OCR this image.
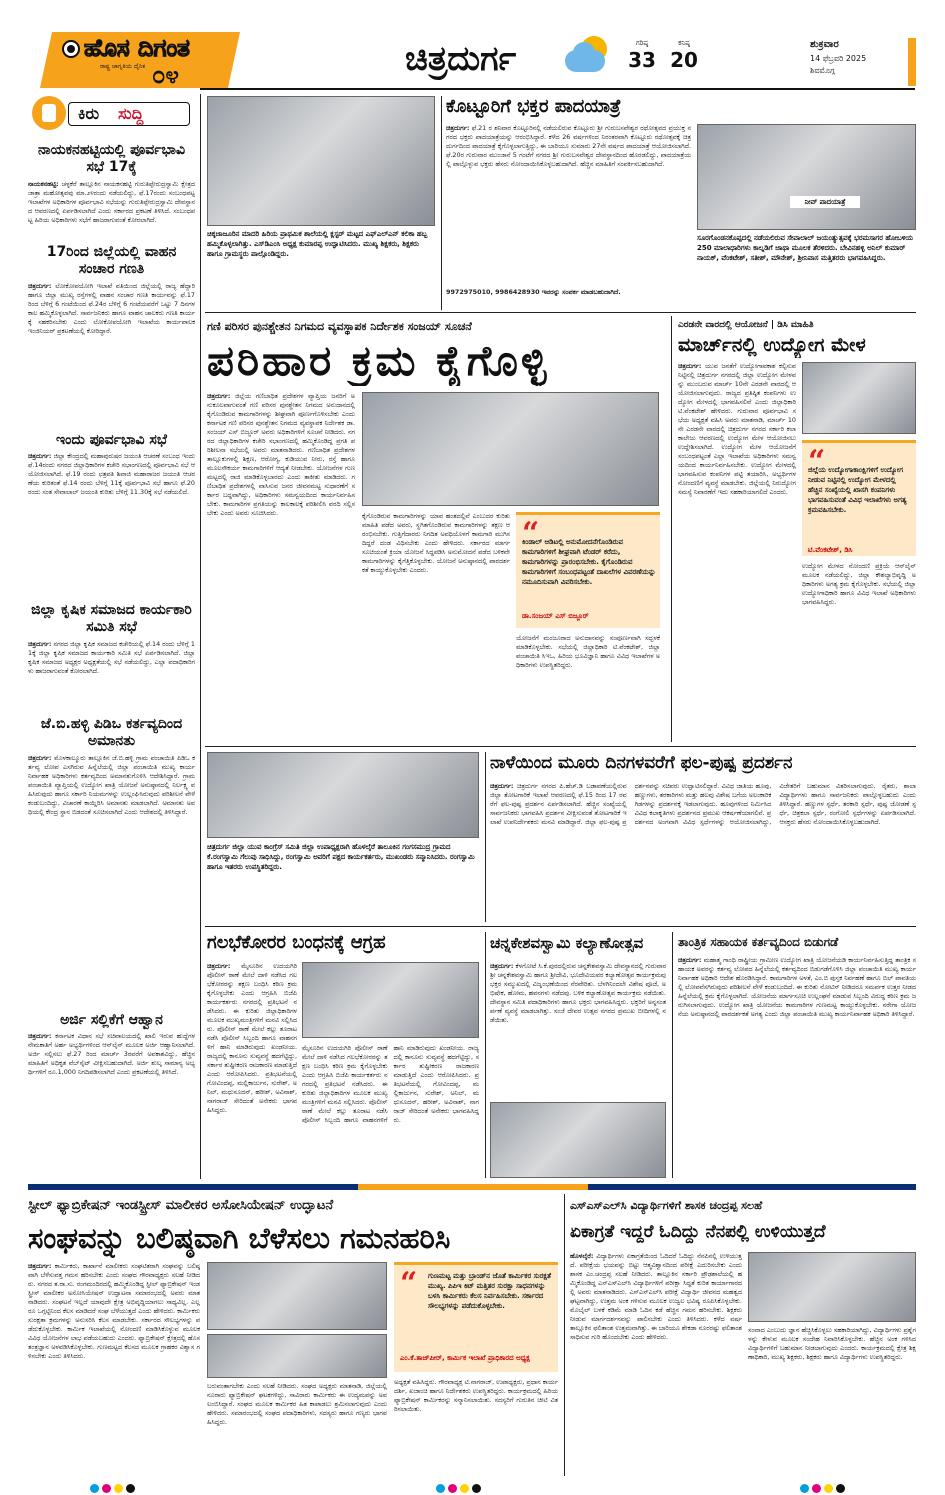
ಹೊಸ ದಿಗಂತ
ರಾಷ್ಟ್ರ ಜಾಗೃತಿಯ ದೈನಿಕ ೦೪	ಚಿತ್ರದುರ್ಗ	ಗರಿಷ್ಠ
33
ಕನಿಷ್ಠ
20
ಶುಕ್ರವಾರ
14 ಫೆಬ್ರವರಿ 2025
ಶಿವಮೊಗ್ಗ
ಕಿರು	ಸುದ್ದಿ
ನಾಯಕನಹಟ್ಟಿಯಲ್ಲಿ ಪೂರ್ವಭಾವಿ ಸಭೆ 17ಕ್ಕೆ
ನಾಯಕನಹಟ್ಟಿ: ಚಳ್ಳಕೆರೆ ತಾಲ್ಲೂಕಿನ ನಾಯಕನಹಟ್ಟಿ ಗುರುತಿಪ್ಪೇರುದ್ರಸ್ವಾಮಿ ಕ್ಷೇತ್ರದ ಜಾತ್ರಾ ಮಹೋತ್ಸವವು ಮಾ.೨೪ರಂದು ನಡೆಯಲಿದ್ದು, ಫೆ.17ರಂದು ಸಂಬಂಧಪಟ್ಟ ಇಲಾಖೆಗಳ ಅಧಿಕಾರಿಗಳ ಪೂರ್ವಭಾವಿ ಸಭೆಯನ್ನು ಗುರುತಿಪ್ಪೇರುದ್ರಸ್ವಾಮಿ ದೇವಸ್ಥಾನದ ಆವರಣದಲ್ಲಿ ಏರ್ಪಡಿಸಲಾಗಿದೆ ಎಂದು ಸರ್ಕಾರದ ಪ್ರಕಟಣೆ ತಿಳಿಸಿದೆ. ಸಂಬಂಧಪಟ್ಟ ಹಿರಿಯ ಅಧಿಕಾರಿಗಳು ಸಭೆಗೆ ಹಾಜರಾಗುವಂತೆ ಕೋರಲಾಗಿದೆ.
17ರಿಂದ ಜಿಲ್ಲೆಯಲ್ಲಿ ವಾಹನ ಸಂಚಾರ ಗಣತಿ
ಚಿತ್ರದುರ್ಗ: ಲೋಕೋಪಯೋಗಿ ಇಲಾಖೆ ವತಿಯಿಂದ ಜಿಲ್ಲೆಯಲ್ಲಿ ರಾಜ್ಯ ಹೆದ್ದಾರಿ ಹಾಗೂ ಜಿಲ್ಲಾ ಮುಖ್ಯ ರಸ್ತೆಗಳಲ್ಲಿ ವಾಹನ ಸಂಚಾರ ಗಣತಿ ಕಾರ್ಯವನ್ನು ಫೆ.17ರಿಂದ ಬೆಳಿಗ್ಗೆ 6 ಗಂಟೆಯಿಂದ ಫೆ.24ರ ಬೆಳಿಗ್ಗೆ 6 ಗಂಟೆಯವರೆಗೆ ಒಟ್ಟು 7 ದಿನಗಳ ಕಾಲ ಹಮ್ಮಿಕೊಳ್ಳಲಾಗಿದೆ. ಸಾರ್ವಜನಿಕರು ಹಾಗೂ ವಾಹನ ಚಾಲಕರು ಗಣತಿ ಕಾರ್ಯಕ್ಕೆ ಸಹಕರಿಸಬೇಕು ಎಂದು ಲೋಕೋಪಯೋಗಿ ಇಲಾಖೆಯ ಕಾರ್ಯಪಾಲಕ ಇಂಜಿನಿಯರ್ ಪ್ರಕಟಣೆಯಲ್ಲಿ ಕೋರಿದ್ದಾರೆ.
ಇಂದು ಪೂರ್ವಭಾವಿ ಸಭೆ
ಚಿತ್ರದುರ್ಗ: ಜಿಲ್ಲಾ ಕೇಂದ್ರದಲ್ಲಿ ಮಹಾಪುರುಷರ ಜಯಂತಿ ಆಚರಣೆ ಸಂಬಂಧ ಇಂದು ಫೆ.14ರಂದು ನಗರದ ಜಿಲ್ಲಾಧಿಕಾರಿಗಳ ಕಚೇರಿ ಸಭಾಂಗಣದಲ್ಲಿ ಪೂರ್ವಭಾವಿ ಸಭೆ ಆಯೋಜಿಸಲಾಗಿದೆ. ಫೆ.19 ರಂದು ಛತ್ರಪತಿ ಶಿವಾಜಿ ಮಹಾರಾಜರ ಜಯಂತಿ ಆಚರಣೆಯ ಕುರಿತಂತೆ ಫೆ.14 ರಂದು ಬೆಳಿಗ್ಗೆ 11ಕ್ಕೆ ಪೂರ್ವಭಾವಿ ಸಭೆ ಹಾಗೂ ಫೆ.20 ರಂದು ಸಂತ ಸೇವಾಲಾಲ್ ಜಯಂತಿ ಕುರಿತು ಬೆಳಿಗ್ಗೆ 11.30ಕ್ಕೆ ಸಭೆ ನಡೆಯಲಿದೆ.
ಜಿಲ್ಲಾ ಕೃಷಿಕ ಸಮಾಜದ ಕಾರ್ಯಕಾರಿ ಸಮಿತಿ ಸಭೆ
ಚಿತ್ರದುರ್ಗ: ನಗರದ ಜಿಲ್ಲಾ ಕೃಷಿಕ ಸಮಾಜದ ಕಚೇರಿಯಲ್ಲಿ ಫೆ.14 ರಂದು ಬೆಳಿಗ್ಗೆ 11ಕ್ಕೆ ಜಿಲ್ಲಾ ಕೃಷಿಕ ಸಮಾಜದ ಕಾರ್ಯಕಾರಿ ಸಮಿತಿ ಸಭೆ ಏರ್ಪಡಿಸಲಾಗಿದೆ. ಜಿಲ್ಲಾ ಕೃಷಿಕ ಸಮಾಜದ ಅಧ್ಯಕ್ಷರ ಅಧ್ಯಕ್ಷತೆಯಲ್ಲಿ ಸಭೆ ನಡೆಯಲಿದ್ದು, ಎಲ್ಲಾ ಪದಾಧಿಕಾರಿಗಳು ಹಾಜರಾಗುವಂತೆ ಕೋರಲಾಗಿದೆ.
ಜೆ.ಬಿ.ಹಳ್ಳಿ ಪಿಡಿಒ ಕರ್ತವ್ಯದಿಂದ ಅಮಾನತು
ಚಿತ್ರದುರ್ಗ: ಮೊಳಕಾಲ್ಮೂರು ತಾಲ್ಲೂಕಿನ ಜೆ.ಬಿ.ಹಳ್ಳಿ ಗ್ರಾಮ ಪಂಚಾಯಿತಿ ಪಿಡಿಒ ಕರ್ತವ್ಯ ಲೋಪ ಎಸಗಿರುವ ಹಿನ್ನೆಲೆಯಲ್ಲಿ ಜಿಲ್ಲಾ ಪಂಚಾಯಿತಿ ಮುಖ್ಯ ಕಾರ್ಯನಿರ್ವಾಹಕ ಅಧಿಕಾರಿಗಳು ಕರ್ತವ್ಯದಿಂದ ಅಮಾನತುಗೊಳಿಸಿ ಆದೇಶಿಸಿದ್ದಾರೆ. ಗ್ರಾಮ ಪಂಚಾಯಿತಿ ವ್ಯಾಪ್ತಿಯಲ್ಲಿ ಉದ್ಯೋಗ ಖಾತ್ರಿ ಯೋಜನೆ ಅನುಷ್ಠಾನದಲ್ಲಿ ನಿರ್ಲಕ್ಷ್ಯ ವಹಿಸಿರುವುದು ಹಾಗೂ ಸರ್ಕಾರಿ ನಿಯಮಗಳನ್ನು ಉಲ್ಲಂಘಿಸಿರುವುದು ಪರಿಶೀಲನೆ ವೇಳೆ ಕಂಡುಬಂದಿದ್ದು, ವಿಚಾರಣೆ ಕಾಯ್ದಿರಿಸಿ ಅಮಾನತು ಮಾಡಲಾಗಿದೆ. ಅಮಾನತು ಅವಧಿಯಲ್ಲಿ ಕೇಂದ್ರ ಸ್ಥಾನ ಬಿಡದಂತೆ ಸೂಚಿಸಲಾಗಿದೆ ಎಂದು ಆದೇಶದಲ್ಲಿ ತಿಳಿಸಿದ್ದಾರೆ.
ಅರ್ಜಿ ಸಲ್ಲಿಕೆಗೆ ಆಹ್ವಾನ
ಚಿತ್ರದುರ್ಗ: ಕರ್ನಾಟಕ ವಿಧಾನ ಸಭೆ ಸಚಿವಾಲಯದಲ್ಲಿ ಖಾಲಿ ಇರುವ ಹುದ್ದೆಗಳ ನೇಮಕಾತಿಗೆ ಅರ್ಹ ಅಭ್ಯರ್ಥಿಗಳಿಂದ ಆನ್‌ಲೈನ್ ಮೂಲಕ ಅರ್ಜಿ ಆಹ್ವಾನಿಸಲಾಗಿದೆ. ಅರ್ಜಿ ಸಲ್ಲಿಸಲು ಫೆ.27 ರಿಂದ ಮಾರ್ಚ್ 3ರವರೆಗೆ ಅವಕಾಶವಿದ್ದು, ಹೆಚ್ಚಿನ ಮಾಹಿತಿಗೆ ಅಧಿಕೃತ ವೆಬ್‌ಸೈಟ್ ವೀಕ್ಷಿಸಬಹುದಾಗಿದೆ. ಅರ್ಜಿ ಶುಲ್ಕ ಸಾಮಾನ್ಯ ಅಭ್ಯರ್ಥಿಗಳಿಗೆ ರೂ.1,000 ನಿಗದಿಪಡಿಸಲಾಗಿದೆ ಎಂದು ಪ್ರಕಟಣೆಯಲ್ಲಿ ತಿಳಿಸಿದೆ.
ಚಿಕ್ಕಜಾಜೂರಿನ ಮಾದರಿ ಹಿರಿಯ ಪ್ರಾಥಮಿಕ ಶಾಲೆಯಲ್ಲಿ ಕ್ಲಸ್ಟರ್ ಮಟ್ಟದ ಎಫ್‌ಎಲ್‌ಎನ್ ಕಲಿಕಾ ಹಬ್ಬ ಹಮ್ಮಿಕೊಳ್ಳಲಾಗಿತ್ತು. ಎಸ್‌ಡಿಎಂಸಿ ಅಧ್ಯಕ್ಷ ಕುಮಾರಪ್ಪ ಉದ್ಘಾಟಿಸಿದರು. ಮುಖ್ಯ ಶಿಕ್ಷಕರು, ಶಿಕ್ಷಕರು ಹಾಗೂ ಗ್ರಾಮಸ್ಥರು ಪಾಲ್ಗೊಂಡಿದ್ದರು.
ಕೊಟ್ಟೂರಿಗೆ ಭಕ್ತರ ಪಾದಯಾತ್ರೆ
ಚಿತ್ರದುರ್ಗ: ಫೆ.21 ರ ಶನಿವಾರ ಕೊಟ್ಟೂರಿನಲ್ಲಿ ನಡೆಯಲಿರುವ ಕೊಟ್ಟೂರು ಶ್ರೀ ಗುರುಬಸವೇಶ್ವರ ರಥೋತ್ಸವದ ಪ್ರಯುಕ್ತ ನಗರದ ಭಕ್ತರು ಪಾದಯಾತ್ರೆಯನ್ನು ಆರಂಭಿಸಿದ್ದಾರೆ. ಕಳೆದ 26 ವರ್ಷಗಳಿಂದ ನಿರಂತರವಾಗಿ ಕೊಟ್ಟೂರು ರಥೋತ್ಸವಕ್ಕೆ ಚಿತ್ರದುರ್ಗದಿಂದ ಪಾದಯಾತ್ರೆ ಕೈಗೊಳ್ಳಲಾಗುತ್ತಿದ್ದು, ಈ ಬಾರಿಯೂ ಸುಮಾರು 27ನೇ ವರ್ಷದ ಪಾದಯಾತ್ರೆ ಆಯೋಜಿಸಲಾಗಿದೆ. ಫೆ.20ರ ಗುರುವಾರ ಮುಂಜಾನೆ 5 ಗಂಟೆಗೆ ನಗರದ ಶ್ರೀ ಗುರುಬಸವೇಶ್ವರ ದೇವಸ್ಥಾನದಿಂದ ಹೊರಡಲಿದ್ದು, ಪಾದಯಾತ್ರೆಯಲ್ಲಿ ಪಾಲ್ಗೊಳ್ಳುವ ಭಕ್ತರು ಹೆಸರು ನೋಂದಾಯಿಸಿಕೊಳ್ಳಬಹುದಾಗಿದೆ. ಹೆಚ್ಚಿನ ಮಾಹಿತಿಗೆ ಸಂಪರ್ಕಿಸಬಹುದಾಗಿದೆ.
9972975010, 9986428930 ಇವರನ್ನು ಸಂಪರ್ಕ ಮಾಡಬಹುದಾಗಿದೆ.
ನೀವ್ ಪಾದಯಾತ್ರೆ
ಸೂರಗೊಂಡನಕೊಪ್ಪದಲ್ಲಿ ನಡೆಯಲಿರುವ ಸೇವಾಲಾಲ್ ಜಯಂತ್ಯುತ್ಸವಕ್ಕೆ ಭರಮಸಾಗರ ಹೋಬಳಿಯ 250 ಮಾಲಾಧಾರಿಗಳು ಕಾಲ್ನಡಿಗೆ ಜಾಥಾ ಮೂಲಕ ತೆರಳಿದರು. ಬೇವಿನಹಳ್ಳಿ ಅನಿಲ್ ಕುಮಾರ್ ನಾಯಕ್, ವೆಂಕಟೇಶ್, ಸತೀಶ್, ಮೌನೇಶ್, ಶ್ರೀನಿವಾಸ ಮತ್ತಿತರರು ಭಾಗವಹಿಸಿದ್ದರು.
ಗಣಿ ಪರಿಸರ ಪುನಶ್ಚೇತನ ನಿಗಮದ ವ್ಯವಸ್ಥಾಪಕ ನಿರ್ದೇಶಕ ಸಂಜಯ್ ಸೂಚನೆ
ಪರಿಹಾರ ಕ್ರಮ ಕೈಗೊಳ್ಳಿ
ಚಿತ್ರದುರ್ಗ: ಜಿಲ್ಲೆಯ ಗಣಿಬಾಧಿತ ಪ್ರದೇಶಗಳ ವ್ಯಾಪ್ತಿಯ ಜನರಿಗೆ ಅನುಕೂಲವಾಗುವಂತೆ ಗಣಿ ಪರಿಸರ ಪುನಶ್ಚೇತನ ನಿಗಮದ ಅನುದಾನದಲ್ಲಿ ಕೈಗೊಂಡಿರುವ ಕಾಮಗಾರಿಗಳನ್ನು ಶೀಘ್ರವಾಗಿ ಪೂರ್ಣಗೊಳಿಸಬೇಕು ಎಂದು ಕರ್ನಾಟಕ ಗಣಿ ಪರಿಸರ ಪುನಶ್ಚೇತನ ನಿಗಮದ ವ್ಯವಸ್ಥಾಪಕ ನಿರ್ದೇಶಕ ಡಾ.ಸಂಜಯ್ ಎಸ್ ಬಿಜ್ಜೂರ್ ಅವರು ಅಧಿಕಾರಿಗಳಿಗೆ ಸೂಚನೆ ನೀಡಿದರು. ನಗರದ ಜಿಲ್ಲಾಧಿಕಾರಿಗಳ ಕಚೇರಿ ಸಭಾಂಗಣದಲ್ಲಿ ಹಮ್ಮಿಕೊಂಡಿದ್ದ ಪ್ರಗತಿ ಪರಿಶೀಲನಾ ಸಭೆಯಲ್ಲಿ ಅವರು ಮಾತನಾಡಿದರು. ಗಣಿಬಾಧಿತ ಪ್ರದೇಶಗಳ ತಾಲ್ಲೂಕುಗಳಲ್ಲಿ ಶಿಕ್ಷಣ, ಆರೋಗ್ಯ, ಕುಡಿಯುವ ನೀರು, ರಸ್ತೆ ಹಾಗೂ ಮೂಲಸೌಕರ್ಯ ಕಾಮಗಾರಿಗಳಿಗೆ ಆದ್ಯತೆ ನೀಡಬೇಕು. ಯೋಜನೆಗಳ ಗುಣಮಟ್ಟದಲ್ಲಿ ರಾಜಿ ಮಾಡಿಕೊಳ್ಳಬಾರದು ಎಂದು ತಾಕೀತು ಮಾಡಿದರು. ಗಣಿಬಾಧಿತ ಪ್ರದೇಶಗಳಲ್ಲಿ ವಾಸಿಸುವ ಜನರ ಜೀವನಮಟ್ಟ ಸುಧಾರಣೆಗೆ ಸರ್ಕಾರ ಬದ್ಧವಾಗಿದ್ದು, ಅಧಿಕಾರಿಗಳು ಸಮನ್ವಯದಿಂದ ಕಾರ್ಯನಿರ್ವಹಿಸಬೇಕು. ಕಾಮಗಾರಿಗಳ ಪ್ರಗತಿಯನ್ನು ಕಾಲಕಾಲಕ್ಕೆ ಪರಿಶೀಲಿಸಿ ವರದಿ ಸಲ್ಲಿಸಬೇಕು ಎಂದು ಅವರು ಸೂಚಿಸಿದರು.	ಕೈಗೊಂಡಿರುವ ಕಾಮಗಾರಿಗಳನ್ನು ಯಾವ ಹಂತದಲ್ಲಿವೆ ಎಂಬುದರ ಕುರಿತು ಮಾಹಿತಿ ಪಡೆದ ಅವರು, ಸ್ಥಗಿತಗೊಂಡಿರುವ ಕಾಮಗಾರಿಗಳನ್ನು ತಕ್ಷಣ ಆರಂಭಿಸಬೇಕು. ಗುತ್ತಿಗೆದಾರರು ನಿಗದಿತ ಅವಧಿಯೊಳಗೆ ಕಾಮಗಾರಿ ಮುಗಿಸದಿದ್ದರೆ ದಂಡ ವಿಧಿಸಬೇಕು ಎಂದು ಹೇಳಿದರು. ಸರ್ಕಾರದ ಮಾರ್ಗಸೂಚಿಯಂತೆ ಕ್ರಿಯಾ ಯೋಜನೆ ಸಿದ್ಧಪಡಿಸಿ ಅನುಮೋದನೆ ಪಡೆದ ಬಳಿಕವೇ ಕಾಮಗಾರಿಗಳನ್ನು ಕೈಗೆತ್ತಿಕೊಳ್ಳಬೇಕು. ಯೋಜನೆ ಅನುಷ್ಠಾನದಲ್ಲಿ ಪಾರದರ್ಶಕತೆ ಕಾಯ್ದುಕೊಳ್ಳಬೇಕು ಎಂದರು.
“
ಕಿಂಡಾಲ್ ಆಡಿಟಲ್ಲಿ ಅನುಮೋದನೆಗೊಂಡಿರುವ ಕಾಮಗಾರಿಗಳಿಗೆ ಶೀಘ್ರವಾಗಿ ಟೆಂಡರ್ ಕರೆದು, ಕಾಮಗಾರಿಗಳನ್ನು ಪ್ರಾರಂಭಿಸಬೇಕು. ಕೈಗೊಂಡಿರುವ ಕಾಮಗಾರಿಗಳಿಗೆ ಸಂಬಂಧಪಟ್ಟಂತೆ ದಾಖಲೆಗಳ ವಿವರಣೆಯನ್ನು ನಮೂದಿಸುವಾಗಿ ವಿವರಿಸಬೇಕು.
ಡಾ.ಸಂಜಯ್ ಎಸ್ ಬಿಜ್ಜೂರ್
ಯೋಜನೆಗೆ ಮಂಜೂರಾದ ಅನುದಾನವನ್ನು ಸಂಪೂರ್ಣವಾಗಿ ಸದ್ಬಳಕೆ ಮಾಡಿಕೊಳ್ಳಬೇಕು. ಸಭೆಯಲ್ಲಿ ಜಿಲ್ಲಾಧಿಕಾರಿ ಟಿ.ವೆಂಕಟೇಶ್, ಜಿಲ್ಲಾ ಪಂಚಾಯಿತಿ ಸಿಇಒ, ಹಿರಿಯ ಭೂವಿಜ್ಞಾನಿ ಹಾಗೂ ವಿವಿಧ ಇಲಾಖೆಗಳ ಅಧಿಕಾರಿಗಳು ಉಪಸ್ಥಿತರಿದ್ದರು.
ಎರಡನೇ ವಾರದಲ್ಲಿ ಆಯೋಜನೆ | ಡಿಸಿ ಮಾಹಿತಿ
ಮಾರ್ಚ್‌ನಲ್ಲಿ ಉದ್ಯೋಗ ಮೇಳ
ಚಿತ್ರದುರ್ಗ: ಯುವ ಜನತೆಗೆ ಉದ್ಯೋಗಾವಕಾಶ ಕಲ್ಪಿಸುವ ನಿಟ್ಟಿನಲ್ಲಿ ಚಿತ್ರದುರ್ಗ ನಗರದಲ್ಲಿ ಜಿಲ್ಲಾ ಉದ್ಯೋಗ ಮೇಳವನ್ನು ಮುಂಬರುವ ಮಾರ್ಚ್ 10ನೇ ಎರಡನೇ ವಾರದಲ್ಲಿ ಆಯೋಜಿಸಲಾಗುವುದು. ರಾಜ್ಯದ ಪ್ರತಿಷ್ಠಿತ ಕಂಪನಿಗಳು ಉದ್ಯೋಗ ಮೇಳದಲ್ಲಿ ಭಾಗವಹಿಸಲಿವೆ ಎಂದು ಜಿಲ್ಲಾಧಿಕಾರಿ ಟಿ.ವೆಂಕಟೇಶ್ ಹೇಳಿದರು. ಗುರುವಾರ ಪೂರ್ವಭಾವಿ ಸಭೆಯ ಅಧ್ಯಕ್ಷತೆ ವಹಿಸಿ ಅವರು ಮಾತನಾಡಿ, ಮಾರ್ಚ್ 10ನೇ ಎರಡನೇ ವಾರದಲ್ಲಿ ಚಿತ್ರದುರ್ಗ ನಗರದ ಸರ್ಕಾರಿ ಕಲಾ ಕಾಲೇಜು ಆವರಣದಲ್ಲಿ ಉದ್ಯೋಗ ಮೇಳ ಆಯೋಜಿಸಲು ಉದ್ದೇಶಿಸಲಾಗಿದೆ. ಉದ್ಯೋಗ ಮೇಳ ಆಯೋಜನೆಗೆ ಸಂಬಂಧಪಟ್ಟಂತೆ ಎಲ್ಲಾ ಇಲಾಖೆಯ ಅಧಿಕಾರಿಗಳು ಸಮನ್ವಯದಿಂದ ಕಾರ್ಯನಿರ್ವಹಿಸಬೇಕು. ಉದ್ಯೋಗ ಮೇಳದಲ್ಲಿ ಭಾಗವಹಿಸುವ ಕಂಪನಿಗಳ ಪಟ್ಟಿ ತಯಾರಿಸಿ, ಅಭ್ಯರ್ಥಿಗಳ ನೋಂದಣಿಗೆ ವ್ಯವಸ್ಥೆ ಮಾಡಬೇಕು. ಜಿಲ್ಲೆಯಲ್ಲಿ ನಿರುದ್ಯೋಗ ಸಮಸ್ಯೆ ನಿವಾರಣೆಗೆ ಇದು ಸಹಕಾರಿಯಾಗಲಿದೆ ಎಂದರು.
“
ಜಿಲ್ಲೆಯ ಉದ್ಯೋಗಾಕಾಂಕ್ಷಿಗಳಿಗೆ ಉದ್ಯೋಗ ನೀಡುವ ನಿಟ್ಟಿನಲ್ಲಿ ಉದ್ಯೋಗ ಮೇಳದಲ್ಲಿ ಹೆಚ್ಚಿನ ಸಂಖ್ಯೆಯಲ್ಲಿ ಖಾಸಗಿ ಕಂಪನಿಗಳು ಭಾಗವಹಿಸುವಂತೆ ವಿವಿಧ ಇಲಾಖೆಗಳು ಅಗತ್ಯ ಕ್ರಮವಹಿಸಬೇಕು.
ಟಿ.ವೆಂಕಟೇಶ್, ಡಿಸಿ
ಉದ್ಯೋಗ ಮೇಳದ ನೋಂದಣಿ ಪ್ರಕ್ರಿಯೆ ಆನ್‌ಲೈನ್ ಮೂಲಕ ನಡೆಯಲಿದ್ದು, ಜಿಲ್ಲಾ ಕೌಶಲ್ಯಾಭಿವೃದ್ಧಿ ಅಧಿಕಾರಿಗಳು ಅಗತ್ಯ ಕ್ರಮ ಕೈಗೊಳ್ಳಬೇಕು. ಸಭೆಯಲ್ಲಿ ಜಿಲ್ಲಾ ಉದ್ಯೋಗಾಧಿಕಾರಿ ಹಾಗೂ ವಿವಿಧ ಇಲಾಖೆ ಅಧಿಕಾರಿಗಳು ಭಾಗವಹಿಸಿದ್ದರು.
ಚಿತ್ರದುರ್ಗ ಜಿಲ್ಲಾ ಯುವ ಕಾಂಗ್ರೆಸ್ ಸಮಿತಿ ಜಿಲ್ಲಾ ಉಪಾಧ್ಯಕ್ಷರಾಗಿ ಹೊಳಲ್ಕೆರೆ ತಾಲೂಕಿನ ಗಂಗಸಮುದ್ರ ಗ್ರಾಮದ ಕೆ.ರಂಗಸ್ವಾಮಿ ಗೆಲುವು ಸಾಧಿಸಿದ್ದು, ರಂಗಸ್ವಾಮಿ ಅವರಿಗೆ ಪಕ್ಷದ ಕಾರ್ಯಕರ್ತರು, ಮುಖಂಡರು ಸನ್ಮಾನಿಸಿದರು. ರಂಗಸ್ವಾಮಿ ಹಾಗೂ ಇತರರು ಉಪಸ್ಥಿತರಿದ್ದರು.
ನಾಳೆಯಿಂದ ಮೂರು ದಿನಗಳವರೆಗೆ ಫಲ-ಪುಷ್ಪ ಪ್ರದರ್ಶನ
ಚಿತ್ರದುರ್ಗ: ಚಿತ್ರದುರ್ಗ ನಗರದ ಪಿ.ಹೆಚ್.ಡಿ ಬಡಾವಣೆಯಲ್ಲಿರುವ ಜಿಲ್ಲಾ ತೋಟಗಾರಿಕೆ ಇಲಾಖೆ ಆವರಣದಲ್ಲಿ ಫೆ.15 ರಿಂದ 17 ರವರೆಗೆ ಫಲ-ಪುಷ್ಪ ಪ್ರದರ್ಶನ ಏರ್ಪಡಿಸಲಾಗಿದೆ. ಹೆಚ್ಚಿನ ಸಂಖ್ಯೆಯಲ್ಲಿ ಸಾರ್ವಜನಿಕರು ಭಾಗವಹಿಸಿ ಪ್ರದರ್ಶನ ವೀಕ್ಷಿಸುವಂತೆ ತೋಟಗಾರಿಕೆ ಇಲಾಖೆ ಉಪನಿರ್ದೇಶಕರು ಮನವಿ ಮಾಡಿದ್ದಾರೆ. ಜಿಲ್ಲಾ ಫಲ-ಪುಷ್ಪ ಪ್ರದರ್ಶನವನ್ನು ಸಚಿವರು ಉದ್ಘಾಟಿಸಲಿದ್ದಾರೆ. ವಿವಿಧ ಜಾತಿಯ ಹೂವು, ಹಣ್ಣುಗಳು, ತರಕಾರಿಗಳು ಮತ್ತು ಹಲವು ವಿಶೇಷ ಬಗೆಯ ಅಲಂಕಾರಿಕ ಗಿಡಗಳನ್ನು ಪ್ರದರ್ಶನಕ್ಕೆ ಇಡಲಾಗುವುದು. ಹೂವುಗಳಿಂದ ನಿರ್ಮಿಸಿದ ವಿವಿಧ ಕಲಾಕೃತಿಗಳು ಪ್ರದರ್ಶನದ ಪ್ರಮುಖ ಆಕರ್ಷಣೆಯಾಗಲಿವೆ. ಪ್ರದರ್ಶನದ ಅಂಗವಾಗಿ ವಿವಿಧ ಸ್ಪರ್ಧೆಗಳನ್ನು ಆಯೋಜಿಸಲಾಗಿದ್ದು, ವಿಜೇತರಿಗೆ ಬಹುಮಾನ ವಿತರಿಸಲಾಗುವುದು. ರೈತರು, ಶಾಲಾ ವಿದ್ಯಾರ್ಥಿಗಳು ಹಾಗೂ ಸಾರ್ವಜನಿಕರು ಪಾಲ್ಗೊಳ್ಳಬಹುದು ಎಂದು ತಿಳಿಸಿದ್ದಾರೆ. ಹಣ್ಣುಗಳ ಸ್ಪರ್ಧೆ, ತರಕಾರಿ ಸ್ಪರ್ಧೆ, ಪುಷ್ಪ ಜೋಡಣೆ ಸ್ಪರ್ಧೆ, ಚಿತ್ರಕಲಾ ಸ್ಪರ್ಧೆ, ರಂಗೋಲಿ ಸ್ಪರ್ಧೆಗಳನ್ನು ಏರ್ಪಡಿಸಲಾಗಿದೆ. ಆಸಕ್ತರು ಹೆಸರು ನೋಂದಾಯಿಸಿಕೊಳ್ಳಬಹುದಾಗಿದೆ.
ಗಲಭೆಕೋರರ ಬಂಧನಕ್ಕೆ ಆಗ್ರಹ
ಚಿತ್ರದುರ್ಗ: ಮೈಸೂರಿನ ಉದಯಗಿರಿ ಪೊಲೀಸ್ ಠಾಣೆ ಮೇಲೆ ದಾಳಿ ನಡೆಸಿದ ಗಲಭೆಕೋರರನ್ನು ತಕ್ಷಣ ಬಂಧಿಸಿ ಕಠಿಣ ಕ್ರಮ ಕೈಗೊಳ್ಳಬೇಕು ಎಂದು ಆಗ್ರಹಿಸಿ ಬಿಜೆಪಿ ಕಾರ್ಯಕರ್ತರು ನಗರದಲ್ಲಿ ಪ್ರತಿಭಟನೆ ನಡೆಸಿದರು. ಈ ಕುರಿತು ಜಿಲ್ಲಾಧಿಕಾರಿಗಳ ಮೂಲಕ ಮುಖ್ಯಮಂತ್ರಿಗಳಿಗೆ ಮನವಿ ಸಲ್ಲಿಸಿದರು. ಪೊಲೀಸ್ ಠಾಣೆ ಮೇಲೆ ಕಲ್ಲು ತೂರಾಟ ನಡೆಸಿ ಪೊಲೀಸ್ ಸಿಬ್ಬಂದಿ ಹಾಗೂ ವಾಹನಗಳಿಗೆ ಹಾನಿ ಮಾಡಿರುವುದು ಖಂಡನೀಯ. ರಾಜ್ಯದಲ್ಲಿ ಕಾನೂನು ಸುವ್ಯವಸ್ಥೆ ಹದಗೆಟ್ಟಿದ್ದು, ಸರ್ಕಾರ ತುಷ್ಟೀಕರಣ ರಾಜಕಾರಣ ಮಾಡುತ್ತಿದೆ ಎಂದು ಆರೋಪಿಸಿದರು. ಪ್ರತಿಭಟನೆಯಲ್ಲಿ ಗೋವಿಂದಪ್ಪ, ಮಲ್ಲಿಕಾರ್ಜುನ, ಸುರೇಶ್, ಅನಿಲ್, ಮಧುಸೂದನ್, ಹರೀಶ್, ಅವಿನಾಶ್, ನಾಗರಾಜ್ ಸೇರಿದಂತೆ ಅನೇಕರು ಭಾಗವಹಿಸಿದ್ದರು.
ಮೈಸೂರಿನ ಉದಯಗಿರಿ ಪೊಲೀಸ್ ಠಾಣೆ ಮೇಲೆ ದಾಳಿ ನಡೆಸಿದ ಗಲಭೆಕೋರರನ್ನು ತಕ್ಷಣ ಬಂಧಿಸಿ ಕಠಿಣ ಕ್ರಮ ಕೈಗೊಳ್ಳಬೇಕು ಎಂದು ಆಗ್ರಹಿಸಿ ಬಿಜೆಪಿ ಕಾರ್ಯಕರ್ತರು ನಗರದಲ್ಲಿ ಪ್ರತಿಭಟನೆ ನಡೆಸಿದರು. ಈ ಕುರಿತು ಜಿಲ್ಲಾಧಿಕಾರಿಗಳ ಮೂಲಕ ಮುಖ್ಯಮಂತ್ರಿಗಳಿಗೆ ಮನವಿ ಸಲ್ಲಿಸಿದರು. ಪೊಲೀಸ್ ಠಾಣೆ ಮೇಲೆ ಕಲ್ಲು ತೂರಾಟ ನಡೆಸಿ ಪೊಲೀಸ್ ಸಿಬ್ಬಂದಿ ಹಾಗೂ ವಾಹನಗಳಿಗೆ ಹಾನಿ ಮಾಡಿರುವುದು ಖಂಡನೀಯ. ರಾಜ್ಯದಲ್ಲಿ ಕಾನೂನು ಸುವ್ಯವಸ್ಥೆ ಹದಗೆಟ್ಟಿದ್ದು, ಸರ್ಕಾರ ತುಷ್ಟೀಕರಣ ರಾಜಕಾರಣ ಮಾಡುತ್ತಿದೆ ಎಂದು ಆರೋಪಿಸಿದರು. ಪ್ರತಿಭಟನೆಯಲ್ಲಿ ಗೋವಿಂದಪ್ಪ, ಮಲ್ಲಿಕಾರ್ಜುನ, ಸುರೇಶ್, ಅನಿಲ್, ಮಧುಸೂದನ್, ಹರೀಶ್, ಅವಿನಾಶ್, ನಾಗರಾಜ್ ಸೇರಿದಂತೆ ಅನೇಕರು ಭಾಗವಹಿಸಿದ್ದರು.
ಚನ್ನಕೇಶವಸ್ವಾಮಿ ಕಲ್ಯಾಣೋತ್ಸವ
ಚಿತ್ರದುರ್ಗ: ಕೆಳಗೋಟೆ ಸಿ.ಕೆ.ಪುರದಲ್ಲಿರುವ ಚನ್ನಕೇಶವಸ್ವಾಮಿ ದೇವಸ್ಥಾನದಲ್ಲಿ ಗುರುವಾರ ಶ್ರೀ ಚನ್ನಕೇಶವಸ್ವಾಮಿ ಹಾಗೂ ಶ್ರೀದೇವಿ, ಭೂದೇವಿಯವರ ಕಲ್ಯಾಣೋತ್ಸವ ಕಾರ್ಯಕ್ರಮವು ಭಕ್ತರ ಸಮ್ಮುಖದಲ್ಲಿ ವಿಜೃಂಭಣೆಯಿಂದ ನೆರವೇರಿತು. ಬೆಳಗಿನಿಂದಲೇ ವಿಶೇಷ ಪೂಜೆ, ಅಭಿಷೇಕ, ಹೋಮ, ಹವನಗಳು ನಡೆದವು. ಬಳಿಕ ಕಲ್ಯಾಣೋತ್ಸವ ಕಾರ್ಯಕ್ರಮ ನಡೆಯಿತು. ದೇವಸ್ಥಾನ ಸಮಿತಿ ಪದಾಧಿಕಾರಿಗಳು ಹಾಗೂ ಭಕ್ತರು ಭಾಗವಹಿಸಿದ್ದರು. ಭಕ್ತರಿಗೆ ಅನ್ನಸಂತರ್ಪಣೆ ವ್ಯವಸ್ಥೆ ಮಾಡಲಾಗಿತ್ತು. ಸಂಜೆ ದೇವರ ಉತ್ಸವ ನಗರದ ಪ್ರಮುಖ ಬೀದಿಗಳಲ್ಲಿ ನಡೆಯಿತು.
ತಾಂತ್ರಿಕ ಸಹಾಯಕ ಕರ್ತವ್ಯದಿಂದ ಬಿಡುಗಡೆ
ಚಿತ್ರದುರ್ಗ: ಮಹಾತ್ಮ ಗಾಂಧಿ ರಾಷ್ಟ್ರೀಯ ಗ್ರಾಮೀಣ ಉದ್ಯೋಗ ಖಾತ್ರಿ ಯೋಜನೆಯಡಿ ಕಾರ್ಯನಿರ್ವಹಿಸುತ್ತಿದ್ದ ತಾಂತ್ರಿಕ ಸಹಾಯಕ ಅವರನ್ನು ಕರ್ತವ್ಯ ಲೋಪದ ಹಿನ್ನೆಲೆಯಲ್ಲಿ ಕರ್ತವ್ಯದಿಂದ ಬಿಡುಗಡೆಗೊಳಿಸಿ ಜಿಲ್ಲಾ ಪಂಚಾಯಿತಿ ಮುಖ್ಯ ಕಾರ್ಯನಿರ್ವಾಹಕ ಅಧಿಕಾರಿ ಆದೇಶ ಹೊರಡಿಸಿದ್ದಾರೆ. ಕಾಮಗಾರಿಗಳ ಅಳತೆ, ಎಂ.ಬಿ ಪುಸ್ತಕ ನಿರ್ವಹಣೆ ಹಾಗೂ ಬಿಲ್ ಪಾವತಿಯಲ್ಲಿ ಲೋಪವೆಸಗಿರುವುದು ಪರಿಶೀಲನೆ ವೇಳೆ ಕಂಡುಬಂದಿದೆ. ಈ ಕುರಿತು ನೋಟಿಸ್ ನೀಡಿದರೂ ಸಮರ್ಪಕ ಉತ್ತರ ನೀಡದ ಹಿನ್ನೆಲೆಯಲ್ಲಿ ಕ್ರಮ ಕೈಗೊಳ್ಳಲಾಗಿದೆ. ಯೋಜನೆಯ ಮಾರ್ಗಸೂಚಿ ಉಲ್ಲಂಘನೆ ಮಾಡುವ ಸಿಬ್ಬಂದಿ ವಿರುದ್ಧ ಕಠಿಣ ಕ್ರಮ ಜರುಗಿಸಲಾಗುವುದು. ಉದ್ಯೋಗ ಖಾತ್ರಿ ಯೋಜನೆಯ ಕಾಮಗಾರಿಗಳ ಗುಣಮಟ್ಟ ಕಾಯ್ದುಕೊಳ್ಳಬೇಕು. ನರೇಗಾ ಯೋಜನೆಯ ಅನುಷ್ಠಾನದಲ್ಲಿ ಪಾರದರ್ಶಕತೆ ಅಗತ್ಯ ಎಂದು ಜಿಲ್ಲಾ ಪಂಚಾಯಿತಿ ಮುಖ್ಯ ಕಾರ್ಯನಿರ್ವಾಹಕ ಅಧಿಕಾರಿ ತಿಳಿಸಿದ್ದಾರೆ.
ಸ್ಟೀಲ್ ಫ್ಯಾಬ್ರಿಕೇಷನ್ ಇಂಡಸ್ಟ್ರೀಸ್ ಮಾಲೀಕರ ಅಸೋಸಿಯೇಷನ್ ಉದ್ಘಾಟನೆ
ಸಂಘವನ್ನು ಬಲಿಷ್ಠವಾಗಿ ಬೆಳೆಸಲು ಗಮನಹರಿಸಿ
ಚಿತ್ರದುರ್ಗ: ಕಾರ್ಮಿಕರು, ಕಾರ್ಖಾನೆ ಮಾಲೀಕರು ಸಂಘಟಿತರಾಗಿ ಸಂಘವನ್ನು ಬಲಿಷ್ಠವಾಗಿ ಬೆಳೆಸುವತ್ತ ಗಮನ ಹರಿಸಬೇಕು ಎಂದು ಸಂಘದ ಗೌರವಾಧ್ಯಕ್ಷರು ಸಲಹೆ ನೀಡಿದರು. ನಗರದ ತ.ರಾ.ಸು. ರಂಗಮಂದಿರದಲ್ಲಿ ಹಮ್ಮಿಕೊಂಡಿದ್ದ ಸ್ಟೀಲ್ ಫ್ಯಾಬ್ರಿಕೇಷನ್ ಇಂಡಸ್ಟ್ರೀಸ್ ಮಾಲೀಕರ ಅಸೋಸಿಯೇಷನ್ ಉದ್ಘಾಟನಾ ಸಮಾರಂಭದಲ್ಲಿ ಅವರು ಮಾತನಾಡಿದರು. ಸಂಘಟನೆ ಇಲ್ಲದೆ ಯಾವುದೇ ಕ್ಷೇತ್ರ ಅಭಿವೃದ್ಧಿಯಾಗಲು ಸಾಧ್ಯವಿಲ್ಲ. ಎಲ್ಲರೂ ಒಗ್ಗಟ್ಟಿನಿಂದ ಕೆಲಸ ಮಾಡಿದರೆ ಸಂಘ ಬೆಳೆಯುತ್ತದೆ ಎಂದು ಹೇಳಿದರು. ಕಾರ್ಮಿಕರು ಸುರಕ್ಷತಾ ಕ್ರಮಗಳನ್ನು ಅನುಸರಿಸಿ ಕೆಲಸ ಮಾಡಬೇಕು. ಸರ್ಕಾರದ ಸೌಲಭ್ಯಗಳನ್ನು ಪಡೆದುಕೊಳ್ಳಬೇಕು. ಕಾರ್ಮಿಕ ಇಲಾಖೆಯಲ್ಲಿ ನೋಂದಣಿ ಮಾಡಿಸಿಕೊಳ್ಳುವ ಮೂಲಕ ವಿವಿಧ ಯೋಜನೆಗಳ ಲಾಭ ಪಡೆಯಬಹುದು ಎಂದರು. ಫ್ಯಾಬ್ರಿಕೇಷನ್ ಕ್ಷೇತ್ರದಲ್ಲಿ ಹೊಸ ತಂತ್ರಜ್ಞಾನ ಅಳವಡಿಸಿಕೊಳ್ಳಬೇಕು. ಗುಣಮಟ್ಟದ ಕೆಲಸದ ಮೂಲಕ ಗ್ರಾಹಕರ ವಿಶ್ವಾಸ ಗಳಿಸಬೇಕು ಎಂದು ತಿಳಿಸಿದರು.
ಬರುವಂತಾಗಬೇಕು ಎಂದು ಸಲಹೆ ನೀಡಿದರು. ಸಂಘದ ಅಧ್ಯಕ್ಷರು ಮಾತನಾಡಿ, ಜಿಲ್ಲೆಯಲ್ಲಿ ನೂರಾರು ಫ್ಯಾಬ್ರಿಕೇಷನ್ ಘಟಕಗಳಿದ್ದು, ಸಾವಿರಾರು ಕಾರ್ಮಿಕರು ಈ ಉದ್ಯಮವನ್ನು ಅವಲಂಬಿಸಿದ್ದಾರೆ. ಸಂಘದ ಮೂಲಕ ಕಾರ್ಮಿಕರ ಹಿತ ಕಾಪಾಡಲು ಶ್ರಮಿಸಲಾಗುವುದು ಎಂದು ಹೇಳಿದರು. ಸಮಾರಂಭದಲ್ಲಿ ಸಂಘದ ಪದಾಧಿಕಾರಿಗಳು, ಸದಸ್ಯರು ಹಾಗೂ ಗಣ್ಯರು ಭಾಗವಹಿಸಿದ್ದರು.
“ ಗುಣಮಟ್ಟ ಮತ್ತು ಬ್ರಾಂಡ್‌ನ ಜೊತೆ ಕಾರ್ಮಿಕರ ಸುರಕ್ಷತೆ ಮುಖ್ಯ. ಪಿಪಿಇ ಕಿಟ್ ಮತ್ತಿತರ ಸುರಕ್ಷಾ ಸಾಧನಗಳನ್ನು ಬಳಸಿ ಕಾರ್ಮಿಕರು ಕೆಲಸ ನಿರ್ವಹಿಸಬೇಕು. ಸರ್ಕಾರದ ಸೌಲಭ್ಯಗಳನ್ನು ಪಡೆದುಕೊಳ್ಳಬೇಕು.
ಎಂ.ಕೆ.ತಾಜ್‌ಪೀರ್, ಕಾರ್ಮಿಕ ಇಲಾಖೆ ಪ್ರಾಧಿಕಾರದ ಅಧ್ಯಕ್ಷ
ಅಧ್ಯಕ್ಷತೆ ವಹಿಸಿದ್ದರು. ಗೌರವಾಧ್ಯಕ್ಷ ಟಿ.ನಾಗರಾಜ್, ಉಪಾಧ್ಯಕ್ಷರು, ಪ್ರಧಾನ ಕಾರ್ಯದರ್ಶಿ, ಖಜಾಂಚಿ ಹಾಗೂ ನಿರ್ದೇಶಕರು ಉಪಸ್ಥಿತರಿದ್ದರು. ಕಾರ್ಯಕ್ರಮದಲ್ಲಿ ಹಿರಿಯ ಫ್ಯಾಬ್ರಿಕೇಷನ್ ಕಾರ್ಮಿಕರನ್ನು ಸನ್ಮಾನಿಸಲಾಯಿತು. ಸದಸ್ಯರಿಗೆ ಗುರುತಿನ ಚೀಟಿ ವಿತರಿಸಲಾಯಿತು.
ಎಸ್‌ಎಸ್‌ಎಲ್‌ಸಿ ವಿದ್ಯಾರ್ಥಿಗಳಿಗೆ ಶಾಸಕ ಚಂದ್ರಪ್ಪ ಸಲಹೆ
ಏಕಾಗ್ರತೆ ಇದ್ದರೆ ಓದಿದ್ದು ನೆನಪಲ್ಲಿ ಉಳಿಯುತ್ತದೆ
ಹೊಳಲ್ಕೆರೆ: ವಿದ್ಯಾರ್ಥಿಗಳು ಏಕಾಗ್ರತೆಯಿಂದ ಓದಿದರೆ ಓದಿದ್ದು ನೆನಪಿನಲ್ಲಿ ಉಳಿಯುತ್ತದೆ. ಪರೀಕ್ಷೆಯ ಭಯವನ್ನು ಬಿಟ್ಟು ಆತ್ಮವಿಶ್ವಾಸದಿಂದ ಪರೀಕ್ಷೆ ಎದುರಿಸಬೇಕು ಎಂದು ಶಾಸಕ ಎಂ.ಚಂದ್ರಪ್ಪ ಸಲಹೆ ನೀಡಿದರು. ತಾಲ್ಲೂಕಿನ ಸರ್ಕಾರಿ ಪ್ರೌಢಶಾಲೆಯಲ್ಲಿ ಹಮ್ಮಿಕೊಂಡಿದ್ದ ಎಸ್‌ಎಸ್‌ಎಲ್‌ಸಿ ವಿದ್ಯಾರ್ಥಿಗಳಿಗೆ ಪರೀಕ್ಷಾ ಸಿದ್ಧತೆ ಕುರಿತ ಕಾರ್ಯಾಗಾರದಲ್ಲಿ ಅವರು ಮಾತನಾಡಿದರು. ಎಸ್‌ಎಸ್‌ಎಲ್‌ಸಿ ಪರೀಕ್ಷೆ ವಿದ್ಯಾರ್ಥಿ ಜೀವನದ ಮಹತ್ವದ ಘಟ್ಟವಾಗಿದ್ದು, ಉತ್ತಮ ಅಂಕ ಗಳಿಸುವ ಮೂಲಕ ಉಜ್ವಲ ಭವಿಷ್ಯ ರೂಪಿಸಿಕೊಳ್ಳಬೇಕು. ಮೊಬೈಲ್ ಬಳಕೆ ಕಡಿಮೆ ಮಾಡಿ ಓದಿನ ಕಡೆ ಹೆಚ್ಚಿನ ಗಮನ ಹರಿಸಬೇಕು. ಶಿಕ್ಷಕರು ನೀಡುವ ಮಾರ್ಗದರ್ಶನವನ್ನು ಪಾಲಿಸಬೇಕು ಎಂದು ತಿಳಿಸಿದರು. ಕಳೆದ ವರ್ಷ ತಾಲ್ಲೂಕಿನ ಫಲಿತಾಂಶ ಉತ್ತಮವಾಗಿತ್ತು. ಈ ಬಾರಿಯೂ ಶೇಕಡಾ ನೂರರಷ್ಟು ಫಲಿತಾಂಶ ಸಾಧಿಸುವ ಗುರಿ ಹೊಂದಬೇಕು ಎಂದು ಹೇಳಿದರು.
ಸಂವಾದ ಎಂಬುದು ಜ್ಞಾನ ಹೆಚ್ಚಿಸಿಕೊಳ್ಳಲು ಸಹಕಾರಿಯಾಗಿದ್ದು, ವಿದ್ಯಾರ್ಥಿಗಳು ಪ್ರಶ್ನೆಗಳನ್ನು ಕೇಳುವ ಮೂಲಕ ಸಂದೇಹ ನಿವಾರಿಸಿಕೊಳ್ಳಬೇಕು. ಹೆಚ್ಚಿನ ಅಂಕ ಗಳಿಸಿದ ವಿದ್ಯಾರ್ಥಿಗಳಿಗೆ ಬಹುಮಾನ ನೀಡಲಾಗುವುದು ಎಂದರು. ಕಾರ್ಯಕ್ರಮದಲ್ಲಿ ಕ್ಷೇತ್ರ ಶಿಕ್ಷಣಾಧಿಕಾರಿ, ಮುಖ್ಯ ಶಿಕ್ಷಕರು, ಶಿಕ್ಷಕರು ಹಾಗೂ ವಿದ್ಯಾರ್ಥಿಗಳು ಉಪಸ್ಥಿತರಿದ್ದರು.
